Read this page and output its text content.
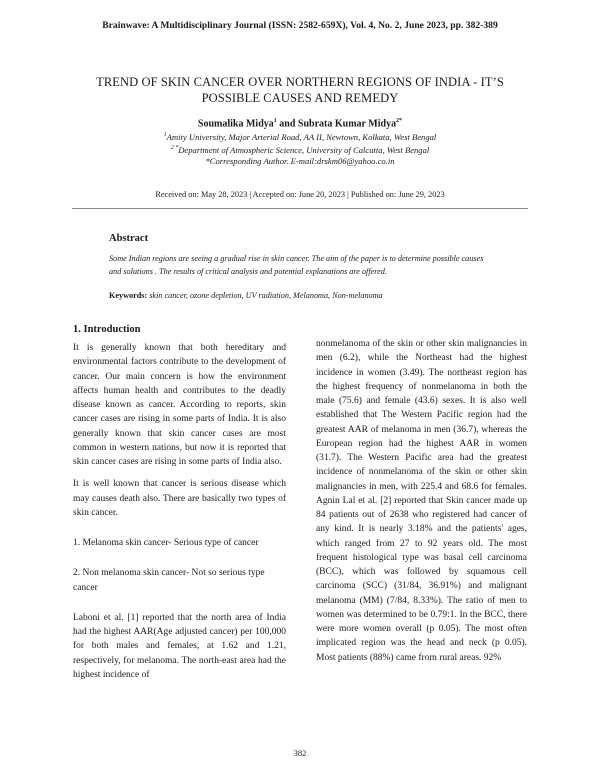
Brainwave: A Multidisciplinary Journal (ISSN: 2582-659X), Vol. 4, No. 2, June 2023, pp. 382-389
TREND OF SKIN CANCER OVER NORTHERN REGIONS OF INDIA - IT’S POSSIBLE CAUSES AND REMEDY
Soumalika Midya$^1$ and Subrata Kumar Midya$^{2*}$
$^1$Amity University, Major Arterial Road, AA II, Newtown, Kolkata, West Bengal
$^{2 *}$Department of Atmospheric Science, University of Calcutta, West Bengal
*Corresponding Author. E-mail:drskm06@yahoo.co.in
Received on: May 28, 2023 | Accepted on: June 20, 2023 | Published on: June 29, 2023
Abstract
Some Indian regions are seeing a gradual rise in skin cancer. The aim of the paper is to determine possible causes and solutions . The results of critical analysis and potential explanations are offered.
Keywords: skin cancer, ozone depletion, UV radiation, Melanoma, Non-melanoma
1. Introduction

It is generally known that both hereditary and environmental factors contribute to the development of cancer. Our main concern is how the environment affects human health and contributes to the deadly disease known as cancer. According to reports, skin cancer cases are rising in some parts of India. It is also generally known that skin cancer cases are most common in western nations, but now it is reported that skin cancer cases are rising in some parts of India also.

It is well known that cancer is serious disease which may causes death also. There are basically two types of skin cancer.

1. Melanoma skin cancer- Serious type of cancer

2. Non melanoma skin cancer- Not so serious type cancer

Laboni et al. [1] reported that the north area of India had the highest AAR(Age adjusted cancer) per 100,000 for both males and females, at 1.62 and 1.21, respectively, for melanoma. The north-east area had the highest incidence of

nonmelanoma of the skin or other skin malignancies in men (6.2), while the Northeast had the highest incidence in women (3.49). The northeast region has the highest frequency of nonmelanoma in both the male (75.6) and female (43.6) sexes. It is also well established that The Western Pacific region had the greatest AAR of melanoma in men (36.7), whereas the European region had the highest AAR in women (31.7). The Western Pacific area had the greatest incidence of nonmelanoma of the skin or other skin malignancies in men, with 225.4 and 68.6 for females. Agnin Lal et al. [2] reported that Skin cancer made up 84 patients out of 2638 who registered had cancer of any kind. It is nearly 3.18% and the patients' ages, which ranged from 27 to 92 years old. The most frequent histological type was basal cell carcinoma (BCC), which was followed by squamous cell carcinoma (SCC) (31/84, 36.91%) and malignant melanoma (MM) (7/84, 8.33%). The ratio of men to women was determined to be 0.79:1. In the BCC, there were more women overall (p 0.05). The most often implicated region was the head and neck (p 0.05). Most patients (88%) came from rural areas. 92%

382
